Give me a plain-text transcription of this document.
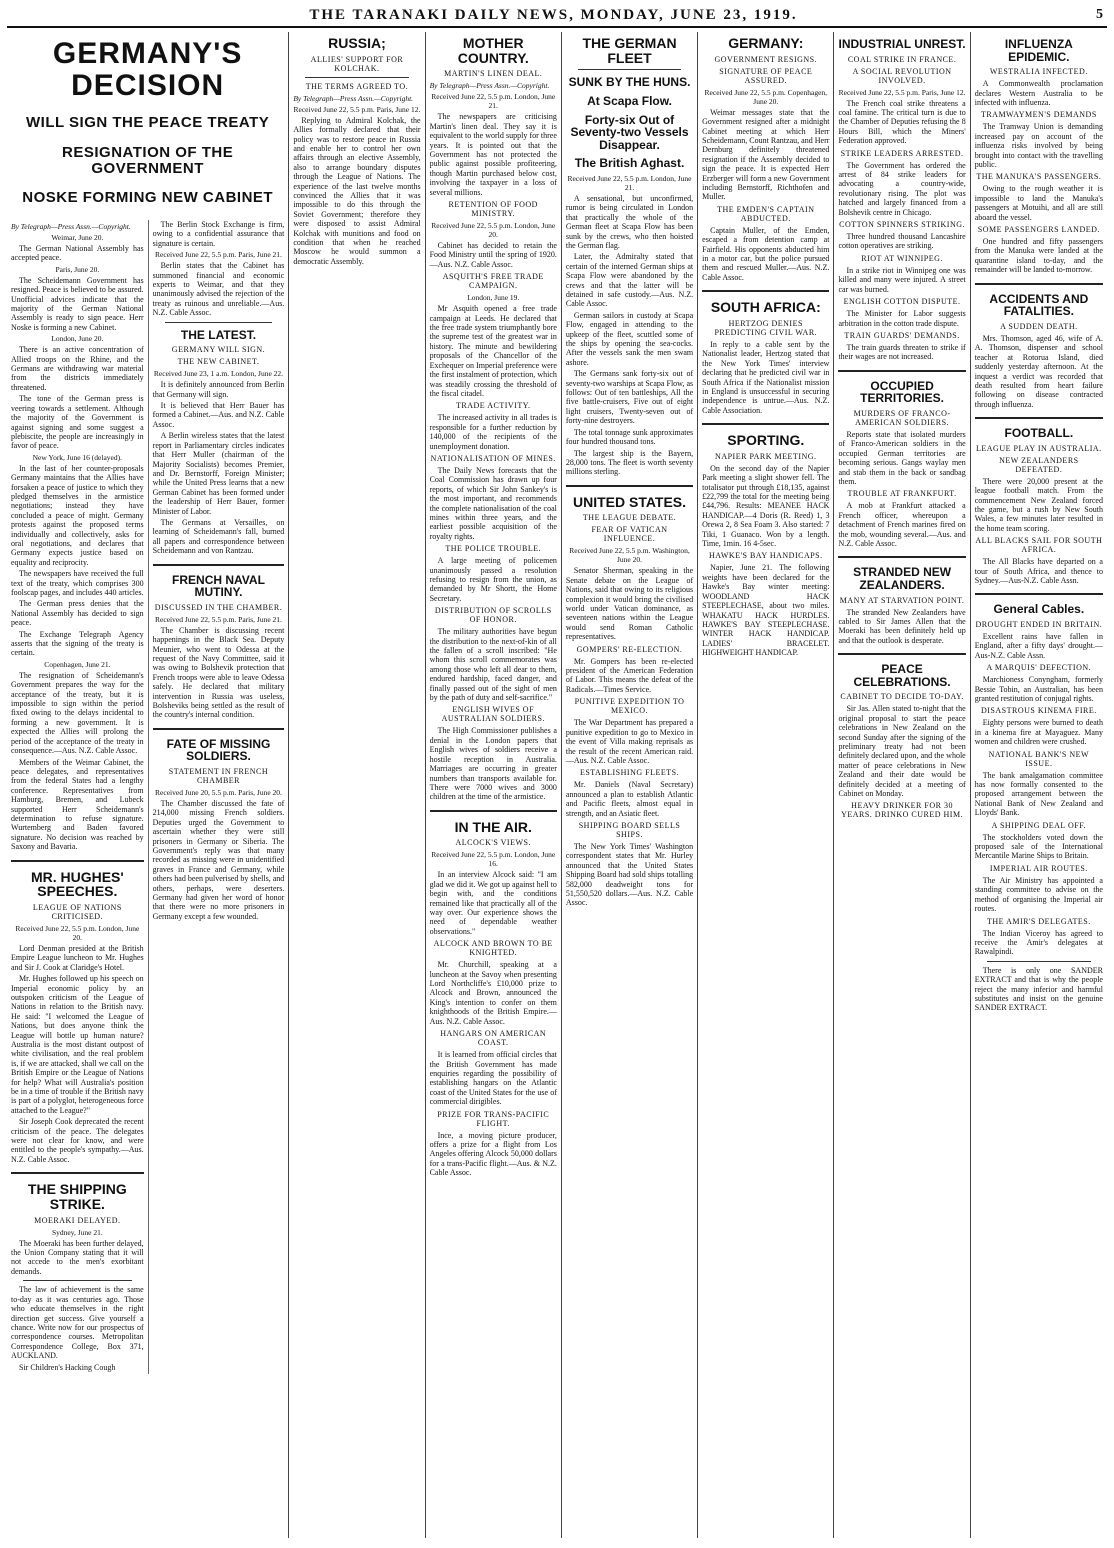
THE TARANAKI DAILY NEWS, MONDAY, JUNE 23, 1919.	5
GERMANY'S DECISION
WILL SIGN THE PEACE TREATY
RESIGNATION OF THE GOVERNMENT
NOSKE FORMING NEW CABINET
By Telegraph—Press Assn.—Copyright.
Weimar, June 20.

The German National Assembly has accepted peace.

Paris, June 20.

The Scheidemann Government has resigned. Peace is believed to be assured. Unofficial advices indicate that the majority of the German National Assembly is ready to sign peace. Herr Noske is forming a new Cabinet.

London, June 20.

There is an active concentration of Allied troops on the Rhine, and the Germans are withdrawing war material from the districts immediately threatened.

The tone of the German press is veering towards a settlement. Although the majority of the Government is against signing and some suggest a plebiscite, the people are increasingly in favor of peace.

New York, June 16 (delayed).

In the last of her counter-proposals Germany maintains that the Allies have forsaken a peace of justice to which they pledged themselves in the armistice negotiations; instead they have concluded a peace of might. Germany protests against the proposed terms individually and collectively, asks for oral negotiations, and declares that Germany expects justice based on equality and reciprocity.

The newspapers have received the full text of the treaty, which comprises 300 foolscap pages, and includes 440 articles.

The German press denies that the National Assembly has decided to sign peace.

The Exchange Telegraph Agency asserts that the signing of the treaty is certain.

Copenhagen, June 21.

The resignation of Scheidemann's Government prepares the way for the acceptance of the treaty, but it is impossible to sign within the period fixed owing to the delays incidental to forming a new government. It is expected the Allies will prolong the period of the acceptance of the treaty in consequence.—Aus. N.Z. Cable Assoc.

Members of the Weimar Cabinet, the peace delegates, and representatives from the federal States had a lengthy conference. Representatives from Hamburg, Bremen, and Lubeck supported Herr Scheidemann's determination to refuse signature. Wurtemberg and Baden favored signature. No decision was reached by Saxony and Bavaria.

MR. HUGHES' SPEECHES.
LEAGUE OF NATIONS CRITICISED.
Received June 22, 5.5 p.m. London, June 20.

Lord Denman presided at the British Empire League luncheon to Mr. Hughes and Sir J. Cook at Claridge's Hotel.

Mr. Hughes followed up his speech on Imperial economic policy by an outspoken criticism of the League of Nations in relation to the British navy. He said: "I welcomed the League of Nations, but does anyone think the League will bottle up human nature? Australia is the most distant outpost of white civilisation, and the real problem is, if we are attacked, shall we call on the British Empire or the League of Nations for help? What will Australia's position be in a time of trouble if the British navy is part of a polyglot, heterogeneous force attached to the League?"

Sir Joseph Cook deprecated the recent criticism of the peace. The delegates were not clear for know, and were entitled to the people's sympathy.—Aus. N.Z. Cable Assoc.

THE SHIPPING STRIKE.
MOERAKI DELAYED.
Sydney, June 21.

The Moeraki has been further delayed, the Union Company stating that it will not accede to the men's exorbitant demands.

The law of achievement is the same to-day as it was centuries ago. Those who educate themselves in the right direction get success. Give yourself a chance. Write now for our prospectus of correspondence courses. Metropolitan Correspondence College, Box 371, AUCKLAND.

Sir Children's Hacking Cough

The Berlin Stock Exchange is firm, owing to a confidential assurance that signature is certain.

Received June 22, 5.5 p.m. Paris, June 21.

Berlin states that the Cabinet has summoned financial and economic experts to Weimar, and that they unanimously advised the rejection of the treaty as ruinous and unreliable.—Aus. N.Z. Cable Assoc.

THE LATEST.
GERMANY WILL SIGN.
THE NEW CABINET.
Received June 23, 1 a.m. London, June 22.

It is definitely announced from Berlin that Germany will sign.

It is believed that Herr Bauer has formed a Cabinet.—Aus. and N.Z. Cable Assoc.

A Berlin wireless states that the latest report in Parliamentary circles indicates that Herr Muller (chairman of the Majority Socialists) becomes Premier, and Dr. Bernstorff, Foreign Minister; while the United Press learns that a new German Cabinet has been formed under the leadership of Herr Bauer, former Minister of Labor.

The Germans at Versailles, on learning of Scheidemann's fall, burned all papers and correspondence between Scheidemann and von Rantzau.

FRENCH NAVAL MUTINY.
DISCUSSED IN THE CHAMBER.
Received June 22, 5.5 p.m. Paris, June 21.

The Chamber is discussing recent happenings in the Black Sea. Deputy Meunier, who went to Odessa at the request of the Navy Committee, said it was owing to Bolshevik protection that French troops were able to leave Odessa safely. He declared that military intervention in Russia was useless, Bolsheviks being settled as the result of the country's internal condition.

FATE OF MISSING SOLDIERS.
STATEMENT IN FRENCH CHAMBER
Received June 20, 5.5 p.m. Paris, June 20.

The Chamber discussed the fate of 214,000 missing French soldiers. Deputies urged the Government to ascertain whether they were still prisoners in Germany or Siberia. The Government's reply was that many recorded as missing were in unidentified graves in France and Germany, while others had been pulverised by shells, and others, perhaps, were deserters. Germany had given her word of honor that there were no more prisoners in Germany except a few wounded.

RUSSIA;
ALLIES' SUPPORT FOR KOLCHAK.
THE TERMS AGREED TO.
By Telegraph—Press Assn.—Copyright.
Received June 22, 5.5 p.m. Paris, June 12.

Replying to Admiral Kolchak, the Allies formally declared that their policy was to restore peace in Russia and enable her to control her own affairs through an elective Assembly, also to arrange boundary disputes through the League of Nations. The experience of the last twelve months convinced the Allies that it was impossible to do this through the Soviet Government; therefore they were disposed to assist Admiral Kolchak with munitions and food on condition that when he reached Moscow he would summon a democratic Assembly.

MOTHER COUNTRY.
MARTIN'S LINEN DEAL.
By Telegraph—Press Assn.—Copyright.
Received June 22, 5.5 p.m. London, June 21.

The newspapers are criticising Martin's linen deal. They say it is equivalent to the world supply for three years. It is pointed out that the Government has not protected the public against possible profiteering, though Martin purchased below cost, involving the taxpayer in a loss of several millions.

RETENTION OF FOOD MINISTRY.
Received June 22, 5.5 p.m. London, June 20.

Cabinet has decided to retain the Food Ministry until the spring of 1920.—Aus. N.Z. Cable Assoc.

ASQUITH'S FREE TRADE CAMPAIGN.
London, June 19.

Mr Asquith opened a free trade campaign at Leeds. He declared that the free trade system triumphantly bore the supreme test of the greatest war in history. The minute and bewildering proposals of the Chancellor of the Exchequer on Imperial preference were the first instalment of protection, which was steadily crossing the threshold of the fiscal citadel.

TRADE ACTIVITY.

The increased activity in all trades is responsible for a further reduction by 140,000 of the recipients of the unemployment donation.

NATIONALISATION OF MINES.

The Daily News forecasts that the Coal Commission has drawn up four reports, of which Sir John Sankey's is the most important, and recommends the complete nationalisation of the coal mines within three years, and the earliest possible acquisition of the royalty rights.

THE POLICE TROUBLE.

A large meeting of policemen unanimously passed a resolution refusing to resign from the union, as demanded by Mr Shortt, the Home Secretary.

DISTRIBUTION OF SCROLLS OF HONOR.

The military authorities have begun the distribution to the next-of-kin of all the fallen of a scroll inscribed: "He whom this scroll commemorates was among those who left all dear to them, endured hardship, faced danger, and finally passed out of the sight of men by the path of duty and self-sacrifice."

ENGLISH WIVES OF AUSTRALIAN SOLDIERS.

The High Commissioner publishes a denial in the London papers that English wives of soldiers receive a hostile reception in Australia. Marriages are occurring in greater numbers than transports available for. There were 7000 wives and 3000 children at the time of the armistice.

IN THE AIR.
ALCOCK'S VIEWS.
Received June 22, 5.5 p.m. London, June 16.

In an interview Alcock said: "I am glad we did it. We got up against hell to begin with, and the conditions remained like that practically all of the way over. Our experience shows the need of dependable weather observations."

ALCOCK AND BROWN TO BE KNIGHTED.

Mr. Churchill, speaking at a luncheon at the Savoy when presenting Lord Northcliffe's £10,000 prize to Alcock and Brown, announced the King's intention to confer on them knighthoods of the British Empire.—Aus. N.Z. Cable Assoc.

HANGARS ON AMERICAN COAST.

It is learned from official circles that the British Government has made enquiries regarding the possibility of establishing hangars on the Atlantic coast of the United States for the use of commercial dirigibles.

PRIZE FOR TRANS-PACIFIC FLIGHT.

Ince, a moving picture producer, offers a prize for a flight from Los Angeles offering Alcock 50,000 dollars for a trans-Pacific flight.—Aus. & N.Z. Cable Assoc.

THE GERMAN FLEET
SUNK BY THE HUNS.
At Scapa Flow.
Forty-six Out of Seventy-two Vessels Disappear.
The British Aghast.
Received June 22, 5.5 p.m. London, June 21.

A sensational, but unconfirmed, rumor is being circulated in London that practically the whole of the German fleet at Scapa Flow has been sunk by the crews, who then hoisted the German flag.

Later, the Admiralty stated that certain of the interned German ships at Scapa Flow were abandoned by the crews and that the latter will be detained in safe custody.—Aus. N.Z. Cable Assoc.

German sailors in custody at Scapa Flow, engaged in attending to the upkeep of the fleet, scuttled some of the ships by opening the sea-cocks. After the vessels sank the men swam ashore.

The Germans sank forty-six out of seventy-two warships at Scapa Flow, as follows: Out of ten battleships, All the five battle-cruisers, Five out of eight light cruisers, Twenty-seven out of forty-nine destroyers.

The total tonnage sunk approximates four hundred thousand tons.

The largest ship is the Bayern, 28,000 tons. The fleet is worth seventy millions sterling.

UNITED STATES.
THE LEAGUE DEBATE.
FEAR OF VATICAN INFLUENCE.
Received June 22, 5.5 p.m. Washington, June 20.

Senator Sherman, speaking in the Senate debate on the League of Nations, said that owing to its religious complexion it would bring the civilised world under Vatican dominance, as seventeen nations within the League would send Roman Catholic representatives.

GOMPERS' RE-ELECTION.

Mr. Gompers has been re-elected president of the American Federation of Labor. This means the defeat of the Radicals.—Times Service.

PUNITIVE EXPEDITION TO MEXICO.

The War Department has prepared a punitive expedition to go to Mexico in the event of Villa making reprisals as the result of the recent American raid.—Aus. N.Z. Cable Assoc.

ESTABLISHING FLEETS.

Mr. Daniels (Naval Secretary) announced a plan to establish Atlantic and Pacific fleets, almost equal in strength, and an Asiatic fleet.

SHIPPING BOARD SELLS SHIPS.

The New York Times' Washington correspondent states that Mr. Hurley announced that the United States Shipping Board had sold ships totalling 582,000 deadweight tons for 51,550,520 dollars.—Aus. N.Z. Cable Assoc.

GERMANY:
GOVERNMENT RESIGNS.
SIGNATURE OF PEACE ASSURED.
Received June 22, 5.5 p.m. Copenhagen, June 20.

Weimar messages state that the Government resigned after a midnight Cabinet meeting at which Herr Scheidemann, Count Rantzau, and Herr Dernburg definitely threatened resignation if the Assembly decided to sign the peace. It is expected Herr Erzberger will form a new Government including Bernstorff, Richthofen and Muller.

THE EMDEN'S CAPTAIN ABDUCTED.

Captain Muller, of the Emden, escaped a from detention camp at Fairfield. His opponents abducted him in a motor car, but the police pursued them and rescued Muller.—Aus. N.Z. Cable Assoc.

SOUTH AFRICA:
HERTZOG DENIES PREDICTING CIVIL WAR.

In reply to a cable sent by the Nationalist leader, Hertzog stated that the New York Times' interview declaring that he predicted civil war in South Africa if the Nationalist mission in England is unsuccessful in securing independence is untrue.—Aus. N.Z. Cable Association.

SPORTING.
NAPIER PARK MEETING.

On the second day of the Napier Park meeting a slight shower fell. The totalisator put through £18,135, against £22,799 the total for the meeting being £44,796. Results: MEANEE HACK HANDICAP.—4 Doris (R. Reed) 1, 3 Orewa 2, 8 Sea Foam 3. Also started: 7 Tiki, 1 Guanaco. Won by a length. Time, 1min. 16 4-5sec.

HAWKE'S BAY HANDICAPS.

Napier, June 21. The following weights have been declared for the Hawke's Bay winter meeting: WOODLAND HACK STEEPLECHASE, about two miles. WHAKATU HACK HURDLES. HAWKE'S BAY STEEPLECHASE. WINTER HACK HANDICAP. LADIES' BRACELET. HIGHWEIGHT HANDICAP.

INDUSTRIAL UNREST.
COAL STRIKE IN FRANCE.
A SOCIAL REVOLUTION INVOLVED.
Received June 22, 5.5 p.m. Paris, June 12.

The French coal strike threatens a coal famine. The critical turn is due to the Chamber of Deputies refusing the 8 Hours Bill, which the Miners' Federation approved.

STRIKE LEADERS ARRESTED.

The Government has ordered the arrest of 84 strike leaders for advocating a country-wide, revolutionary rising. The plot was hatched and largely financed from a Bolshevik centre in Chicago.

COTTON SPINNERS STRIKING.

Three hundred thousand Lancashire cotton operatives are striking.

RIOT AT WINNIPEG.

In a strike riot in Winnipeg one was killed and many were injured. A street car was burned.

ENGLISH COTTON DISPUTE.

The Minister for Labor suggests arbitration in the cotton trade dispute.

TRAIN GUARDS' DEMANDS.

The train guards threaten to strike if their wages are not increased.

OCCUPIED TERRITORIES.
MURDERS OF FRANCO-AMERICAN SOLDIERS.

Reports state that isolated murders of Franco-American soldiers in the occupied German territories are becoming serious. Gangs waylay men and stab them in the back or sandbag them.

TROUBLE AT FRANKFURT.

A mob at Frankfurt attacked a French officer, whereupon a detachment of French marines fired on the mob, wounding several.—Aus. and N.Z. Cable Assoc.

STRANDED NEW ZEALANDERS.
MANY AT STARVATION POINT.

The stranded New Zealanders have cabled to Sir James Allen that the Moeraki has been definitely held up and that the outlook is desperate.

PEACE CELEBRATIONS.
CABINET TO DECIDE TO-DAY.

Sir Jas. Allen stated to-night that the original proposal to start the peace celebrations in New Zealand on the second Sunday after the signing of the preliminary treaty had not been definitely declared upon, and the whole matter of peace celebrations in New Zealand and their date would be definitely decided at a meeting of Cabinet on Monday.

HEAVY DRINKER FOR 30 YEARS. DRINKO CURED HIM.
INFLUENZA EPIDEMIC.
WESTRALIA INFECTED.

A Commonwealth proclamation declares Western Australia to be infected with influenza.

TRAMWAYMEN'S DEMANDS

The Tramway Union is demanding increased pay on account of the influenza risks involved by being brought into contact with the travelling public.

THE MANUKA'S PASSENGERS.

Owing to the rough weather it is impossible to land the Manuka's passengers at Motuihi, and all are still aboard the vessel.

SOME PASSENGERS LANDED.

One hundred and fifty passengers from the Manuka were landed at the quarantine island to-day, and the remainder will be landed to-morrow.

ACCIDENTS AND FATALITIES.
A SUDDEN DEATH.

Mrs. Thomson, aged 46, wife of A. A. Thomson, dispenser and school teacher at Rotorua Island, died suddenly yesterday afternoon. At the inquest a verdict was recorded that death resulted from heart failure following on disease contracted through influenza.

FOOTBALL.
LEAGUE PLAY IN AUSTRALIA.
NEW ZEALANDERS DEFEATED.

There were 20,000 present at the league football match. From the commencement New Zealand forced the game, but a rush by New South Wales, a few minutes later resulted in the home team scoring.

ALL BLACKS SAIL FOR SOUTH AFRICA.

The All Blacks have departed on a tour of South Africa, and thence to Sydney.—Aus-N.Z. Cable Assn.

General Cables.
DROUGHT ENDED IN BRITAIN.

Excellent rains have fallen in England, after a fifty days' drought.—Aus-N.Z. Cable Assn.

A MARQUIS' DEFECTION.

Marchioness Conyngham, formerly Bessie Tobin, an Australian, has been granted restitution of conjugal rights.

DISASTROUS KINEMA FIRE.

Eighty persons were burned to death in a kinema fire at Mayaguez. Many women and children were crushed.

NATIONAL BANK'S NEW ISSUE.

The bank amalgamation committee has now formally consented to the proposed arrangement between the National Bank of New Zealand and Lloyds' Bank.

A SHIPPING DEAL OFF.

The stockholders voted down the proposed sale of the International Mercantile Marine Ships to Britain.

IMPERIAL AIR ROUTES.

The Air Ministry has appointed a standing committee to advise on the method of organising the Imperial air routes.

THE AMIR'S DELEGATES.

The Indian Viceroy has agreed to receive the Amir's delegates at Rawalpindi.

There is only one SANDER EXTRACT and that is why the people reject the many inferior and harmful substitutes and insist on the genuine SANDER EXTRACT.
